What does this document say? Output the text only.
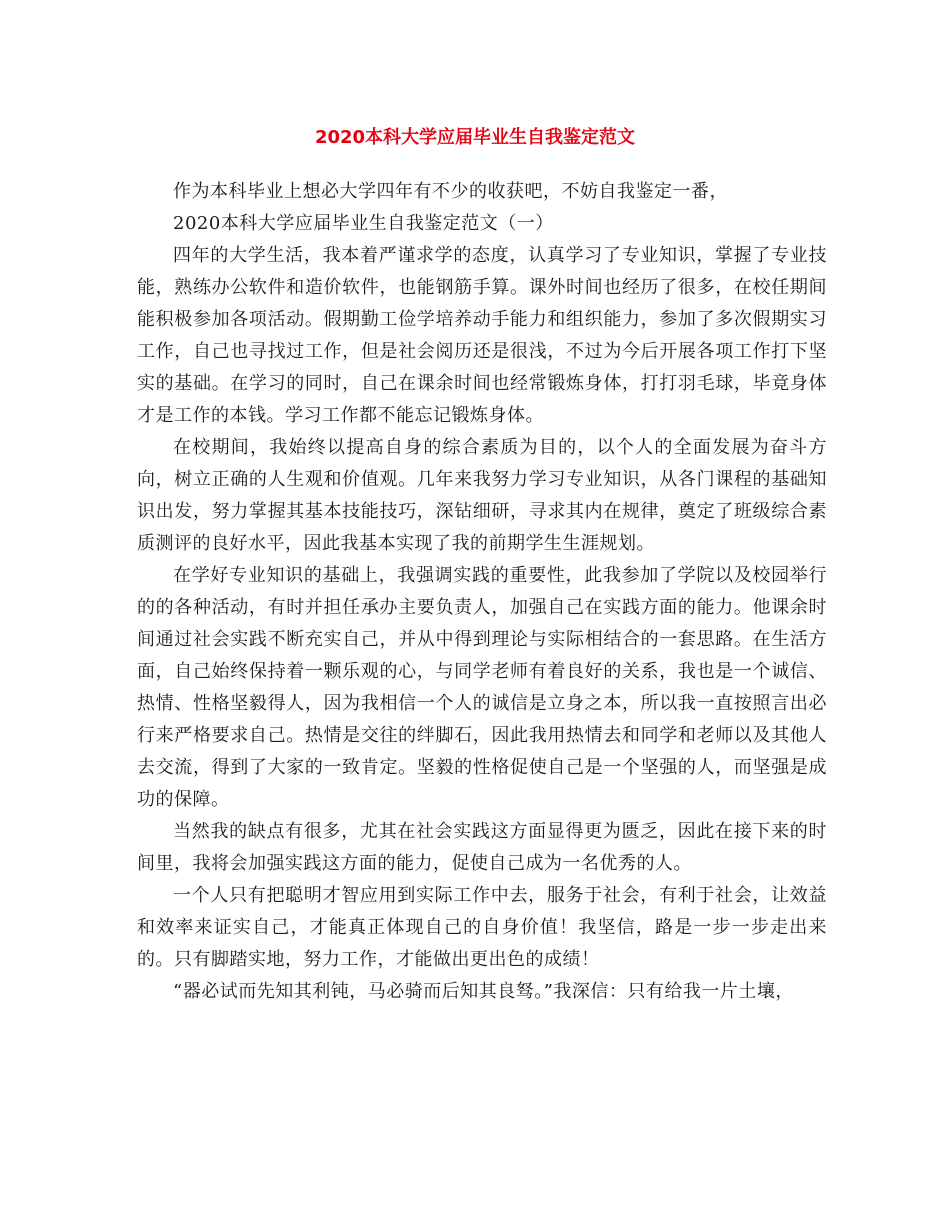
2020本科大学应届毕业生自我鉴定范文

作为本科毕业上想必大学四年有不少的收获吧，不妨自我鉴定一番，

2020本科大学应届毕业生自我鉴定范文（一）

四年的大学生活，我本着严谨求学的态度，认真学习了专业知识，掌握了专业技能，熟练办公软件和造价软件，也能钢筋手算。课外时间也经历了很多，在校任期间能积极参加各项活动。假期勤工俭学培养动手能力和组织能力，参加了多次假期实习工作，自己也寻找过工作，但是社会阅历还是很浅，不过为今后开展各项工作打下坚实的基础。在学习的同时，自己在课余时间也经常锻炼身体，打打羽毛球，毕竟身体才是工作的本钱。学习工作都不能忘记锻炼身体。

在校期间，我始终以提高自身的综合素质为目的，以个人的全面发展为奋斗方向，树立正确的人生观和价值观。几年来我努力学习专业知识，从各门课程的基础知识出发，努力掌握其基本技能技巧，深钻细研，寻求其内在规律，奠定了班级综合素质测评的良好水平，因此我基本实现了我的前期学生生涯规划。

在学好专业知识的基础上，我强调实践的重要性，此我参加了学院以及校园举行的的各种活动，有时并担任承办主要负责人，加强自己在实践方面的能力。他课余时间通过社会实践不断充实自己，并从中得到理论与实际相结合的一套思路。在生活方面，自己始终保持着一颗乐观的心，与同学老师有着良好的关系，我也是一个诚信、热情、性格坚毅得人，因为我相信一个人的诚信是立身之本，所以我一直按照言出必行来严格要求自己。热情是交往的绊脚石，因此我用热情去和同学和老师以及其他人去交流，得到了大家的一致肯定。坚毅的性格促使自己是一个坚强的人，而坚强是成功的保障。

当然我的缺点有很多，尤其在社会实践这方面显得更为匮乏，因此在接下来的时间里，我将会加强实践这方面的能力，促使自己成为一名优秀的人。

一个人只有把聪明才智应用到实际工作中去，服务于社会，有利于社会，让效益和效率来证实自己，才能真正体现自己的自身价值！我坚信，路是一步一步走出来的。只有脚踏实地，努力工作，才能做出更出色的成绩！

“器必试而先知其利钝，马必骑而后知其良驽。”我深信：只有给我一片土壤，
